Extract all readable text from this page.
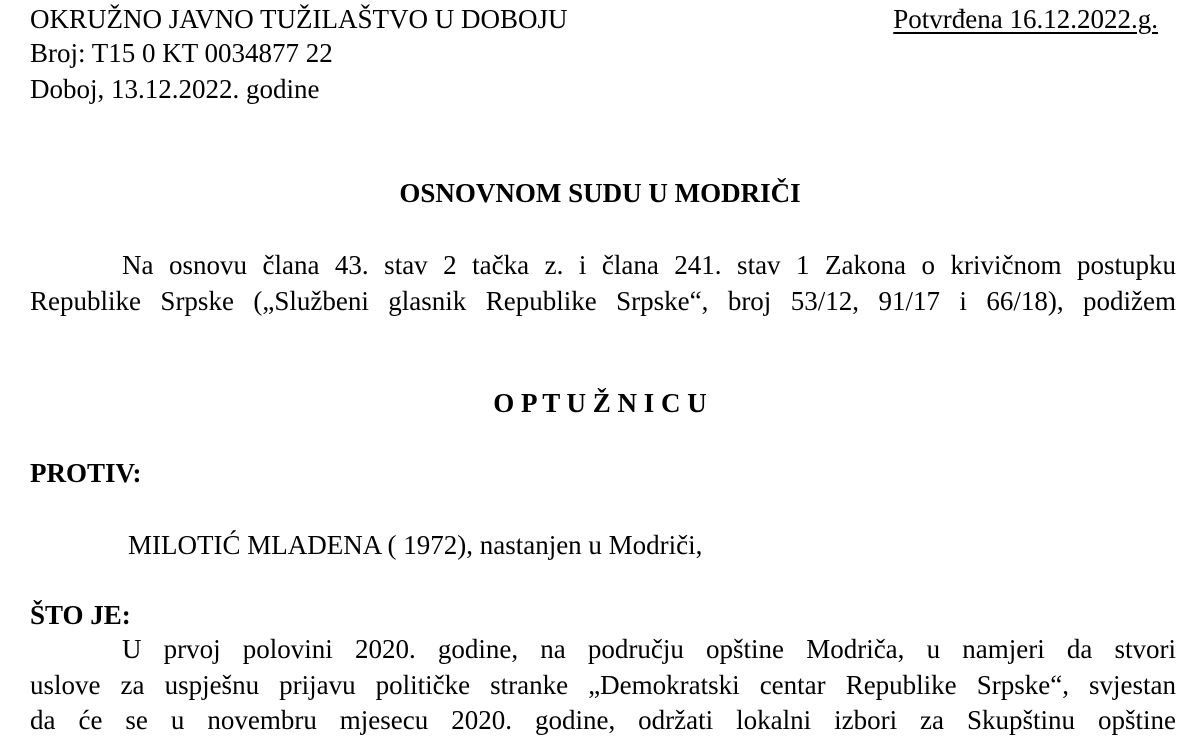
OKRUŽNO JAVNO TUŽILAŠTVO U DOBOJU	Potvrđena 16.12.2022.g.
Broj: T15 0 KT 0034877 22
Doboj, 13.12.2022. godine
OSNOVNOM SUDU U MODRIČI
Na osnovu člana 43. stav 2 tačka z. i člana 241. stav 1 Zakona o krivičnom postupku
Republike Srpske („Službeni glasnik Republike Srpske“, broj 53/12, 91/17 i 66/18), podižem
O P T U Ž N I C U
PROTIV:
MILOTIĆ MLADENA ( 1972), nastanjen u Modriči,
ŠTO JE:
U prvoj polovini 2020. godine, na području opštine Modriča, u namjeri da stvori
uslove za uspješnu prijavu političke stranke „Demokratski centar Republike Srpske“, svjestan
da će se u novembru mjesecu 2020. godine, održati lokalni izbori za Skupštinu opštine
